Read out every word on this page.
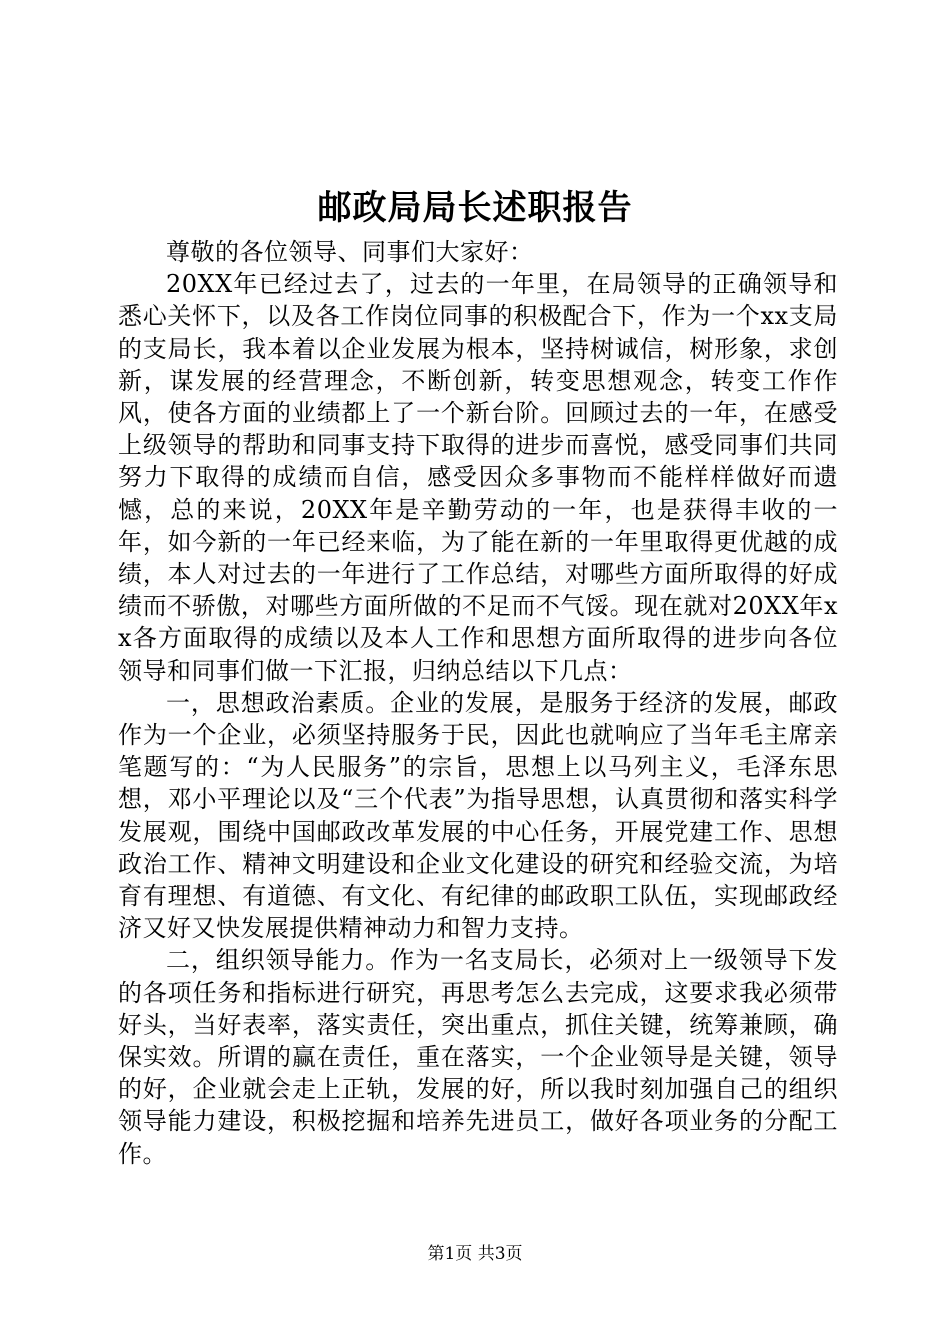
邮政局局长述职报告

尊敬的各位领导、同事们大家好：

20XX年已经过去了，过去的一年里，在局领导的正确领导和悉心关怀下，以及各工作岗位同事的积极配合下，作为一个xx支局的支局长，我本着以企业发展为根本，坚持树诚信，树形象，求创新，谋发展的经营理念，不断创新，转变思想观念，转变工作作风，使各方面的业绩都上了一个新台阶。回顾过去的一年，在感受上级领导的帮助和同事支持下取得的进步而喜悦，感受同事们共同努力下取得的成绩而自信，感受因众多事物而不能样样做好而遗憾，总的来说，20XX年是辛勤劳动的一年，也是获得丰收的一年，如今新的一年已经来临，为了能在新的一年里取得更优越的成绩，本人对过去的一年进行了工作总结，对哪些方面所取得的好成绩而不骄傲，对哪些方面所做的不足而不气馁。现在就对20XX年xx各方面取得的成绩以及本人工作和思想方面所取得的进步向各位领导和同事们做一下汇报，归纳总结以下几点：

一，思想政治素质。企业的发展，是服务于经济的发展，邮政作为一个企业，必须坚持服务于民，因此也就响应了当年毛主席亲笔题写的：“为人民服务”的宗旨，思想上以马列主义，毛泽东思想，邓小平理论以及“三个代表”为指导思想，认真贯彻和落实科学发展观，围绕中国邮政改革发展的中心任务，开展党建工作、思想政治工作、精神文明建设和企业文化建设的研究和经验交流，为培育有理想、有道德、有文化、有纪律的邮政职工队伍，实现邮政经济又好又快发展提供精神动力和智力支持。

二，组织领导能力。作为一名支局长，必须对上一级领导下发的各项任务和指标进行研究，再思考怎么去完成，这要求我必须带好头，当好表率，落实责任，突出重点，抓住关键，统筹兼顾，确保实效。所谓的赢在责任，重在落实，一个企业领导是关键，领导的好，企业就会走上正轨，发展的好，所以我时刻加强自己的组织领导能力建设，积极挖掘和培养先进员工，做好各项业务的分配工作。

第1页 共3页
